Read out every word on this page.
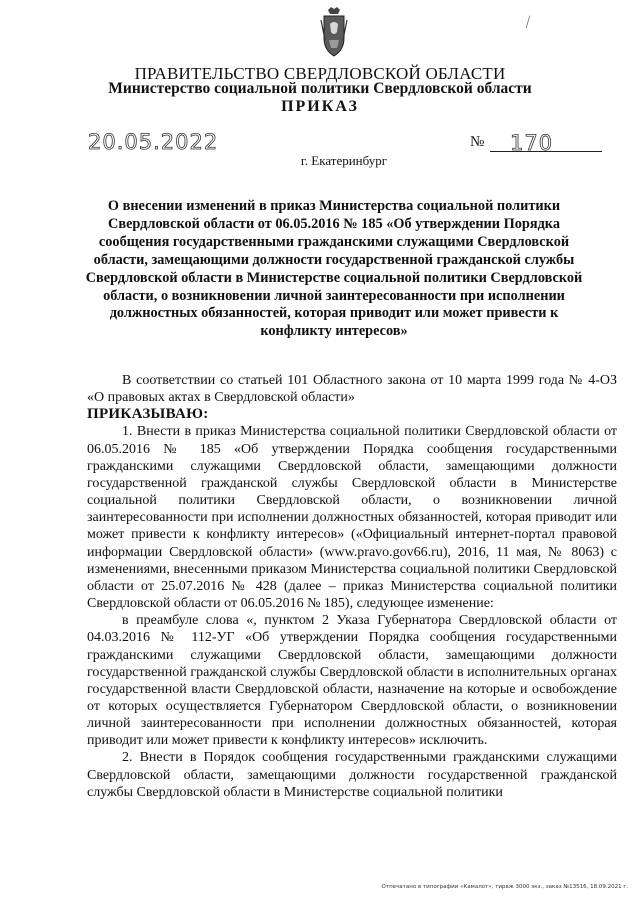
⁄
ПРАВИТЕЛЬСТВО СВЕРДЛОВСКОЙ ОБЛАСТИ
Министерство социальной политики Свердловской области
ПРИКАЗ
20.05.2022	№ 170
г. Екатеринбург
О внесении изменений в приказ Министерства социальной политики Свердловской области от 06.05.2016 № 185 «Об утверждении Порядка сообщения государственными гражданскими служащими Свердловской области, замещающими должности государственной гражданской службы Свердловской области в Министерстве социальной политики Свердловской области, о возникновении личной заинтересованности при исполнении должностных обязанностей, которая приводит или может привести к конфликту интересов»

В соответствии со статьей 101 Областного закона от 10 марта 1999 года № 4-ОЗ «О правовых актах в Свердловской области»

ПРИКАЗЫВАЮ:

1. Внести в приказ Министерства социальной политики Свердловской области от 06.05.2016 № 185 «Об утверждении Порядка сообщения государственными гражданскими служащими Свердловской области, замещающими должности государственной гражданской службы Свердловской области в Министерстве социальной политики Свердловской области, о возникновении личной заинтересованности при исполнении должностных обязанностей, которая приводит или может привести к конфликту интересов» («Официальный интернет-портал правовой информации Свердловской области» (www.pravo.gov66.ru), 2016, 11 мая, № 8063) с изменениями, внесенными приказом Министерства социальной политики Свердловской области от 25.07.2016 № 428 (далее – приказ Министерства социальной политики Свердловской области от 06.05.2016 № 185), следующее изменение:

в преамбуле слова «, пунктом 2 Указа Губернатора Свердловской области от 04.03.2016 № 112-УГ «Об утверждении Порядка сообщения государственными гражданскими служащими Свердловской области, замещающими должности государственной гражданской службы Свердловской области в исполнительных органах государственной власти Свердловской области, назначение на которые и освобождение от которых осуществляется Губернатором Свердловской области, о возникновении личной заинтересованности при исполнении должностных обязанностей, которая приводит или может привести к конфликту интересов» исключить.

2. Внести в Порядок сообщения государственными гражданскими служащими Свердловской области, замещающими должности государственной гражданской службы Свердловской области в Министерстве социальной политики

Отпечатано в типографии «Камалот», тираж 3000 экз., заказ №13516, 18.09.2021 г.
